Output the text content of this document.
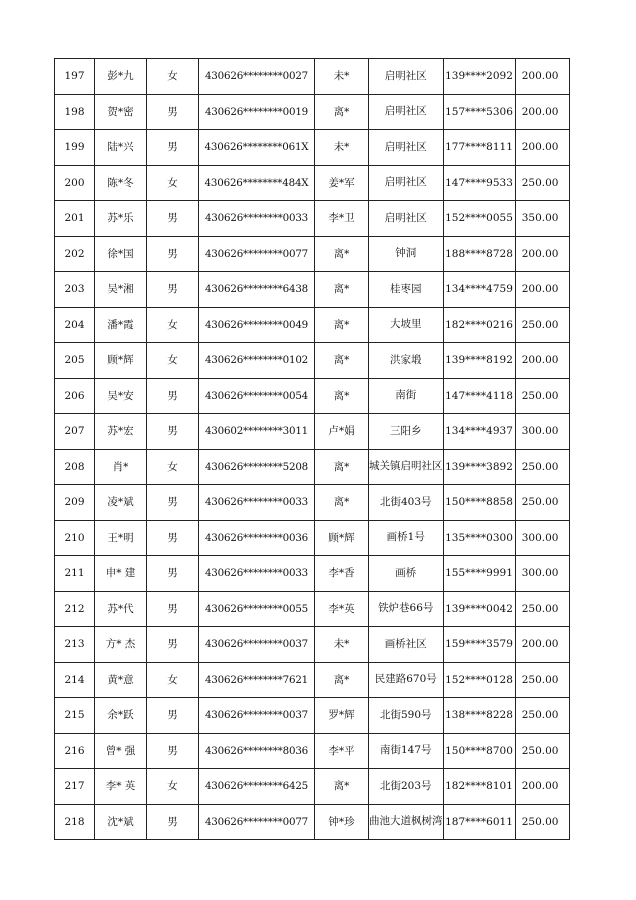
197	彭*九	女	430626********0027	未*	启明社区	139****2092	200.00
198	贺*密	男	430626********0019	离*	启明社区	157****5306	200.00
199	陆*兴	男	430626********061X	未*	启明社区	177****8111	200.00
200	陈*冬	女	430626********484X	姜*军	启明社区	147****9533	250.00
201	苏*乐	男	430626********0033	李*卫	启明社区	152****0055	350.00
202	徐*国	男	430626********0077	离*	钟洞	188****8728	200.00
203	吴*湘	男	430626********6438	离*	桂枣园	134****4759	200.00
204	潘*霞	女	430626********0049	离*	大坡里	182****0216	250.00
205	顾*辉	女	430626********0102	离*	洪家塅	139****8192	200.00
206	吴*安	男	430626********0054	离*	南街	147****4118	250.00
207	苏*宏	男	430602********3011	卢*娟	三阳乡	134****4937	300.00
208	肖*	女	430626********5208	离*	城关镇启明社区	139****3892	250.00
209	凌*斌	男	430626********0033	离*	北街403号	150****8858	250.00
210	王*明	男	430626********0036	顾*辉	画桥1号	135****0300	300.00
211	申* 建	男	430626********0033	李*香	画桥	155****9991	300.00
212	苏*代	男	430626********0055	李*英	铁炉巷66号	139****0042	250.00
213	方* 杰	男	430626********0037	未*	画桥社区	159****3579	200.00
214	黄*意	女	430626********7621	离*	民建路670号	152****0128	250.00
215	余*跃	男	430626********0037	罗*辉	北街590号	138****8228	250.00
216	曾* 强	男	430626********8036	李*平	南街147号	150****8700	250.00
217	李* 英	女	430626********6425	离*	北街203号	182****8101	200.00
218	沈*斌	男	430626********0077	钟*珍	曲池大道枫树湾	187****6011	250.00
